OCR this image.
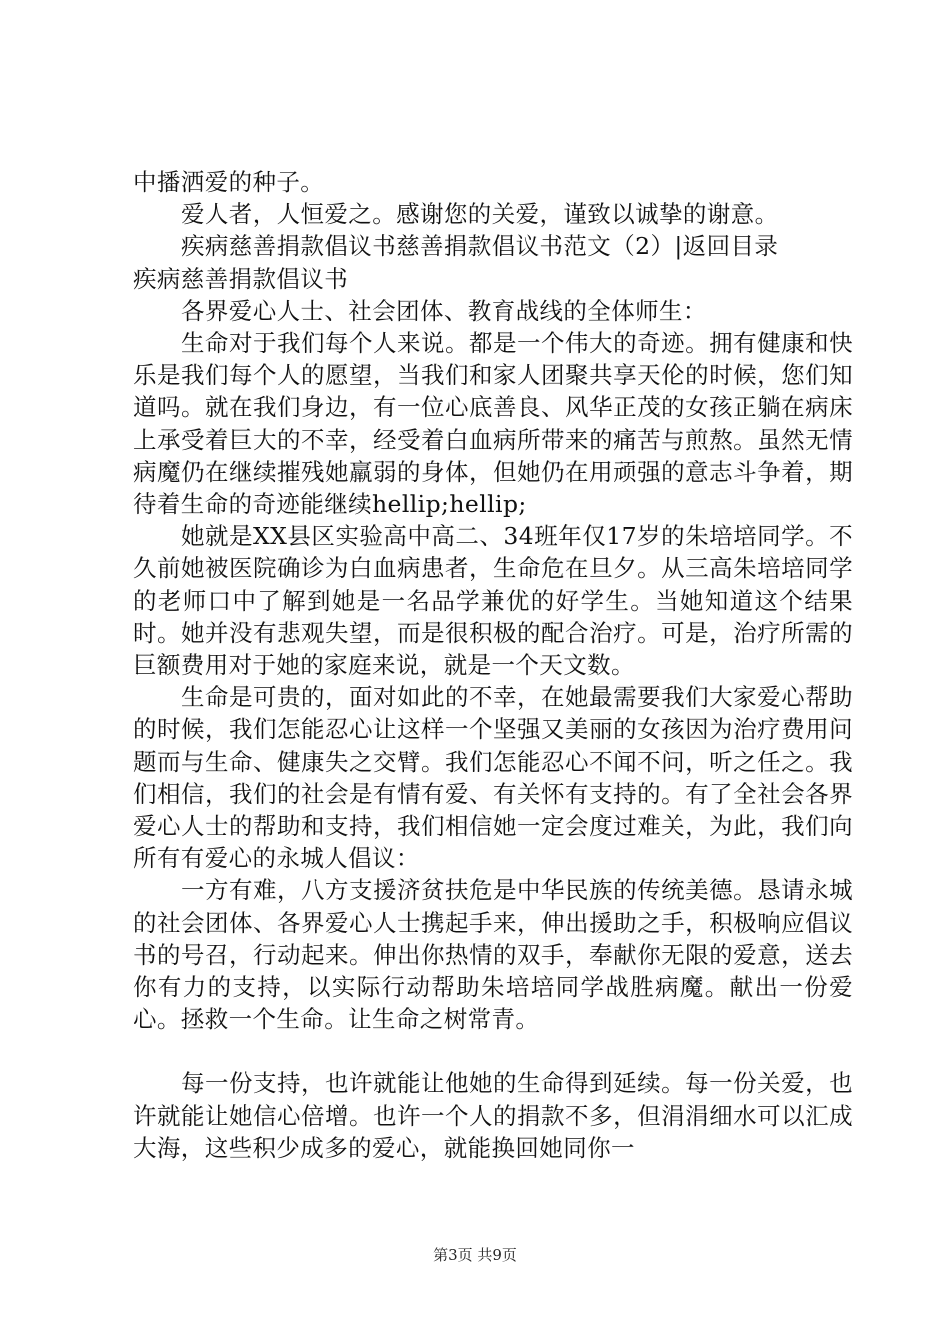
中播洒爱的种子。

爱人者，人恒爱之。感谢您的关爱，谨致以诚挚的谢意。

疾病慈善捐款倡议书慈善捐款倡议书范文（2）|返回目录

疾病慈善捐款倡议书

各界爱心人士、社会团体、教育战线的全体师生：

生命对于我们每个人来说。都是一个伟大的奇迹。拥有健康和快乐是我们每个人的愿望，当我们和家人团聚共享天伦的时候，您们知道吗。就在我们身边，有一位心底善良、风华正茂的女孩正躺在病床上承受着巨大的不幸，经受着白血病所带来的痛苦与煎熬。虽然无情病魔仍在继续摧残她羸弱的身体，但她仍在用顽强的意志斗争着，期待着生命的奇迹能继续hellip;hellip;

她就是XX县区实验高中高二、34班年仅17岁的朱培培同学。不久前她被医院确诊为白血病患者，生命危在旦夕。从三高朱培培同学的老师口中了解到她是一名品学兼优的好学生。当她知道这个结果时。她并没有悲观失望，而是很积极的配合治疗。可是，治疗所需的巨额费用对于她的家庭来说，就是一个天文数。

生命是可贵的，面对如此的不幸，在她最需要我们大家爱心帮助的时候，我们怎能忍心让这样一个坚强又美丽的女孩因为治疗费用问题而与生命、健康失之交臂。我们怎能忍心不闻不问，听之任之。我们相信，我们的社会是有情有爱、有关怀有支持的。有了全社会各界爱心人士的帮助和支持，我们相信她一定会度过难关，为此，我们向所有有爱心的永城人倡议：

一方有难，八方支援济贫扶危是中华民族的传统美德。恳请永城的社会团体、各界爱心人士携起手来，伸出援助之手，积极响应倡议书的号召，行动起来。伸出你热情的双手，奉献你无限的爱意，送去你有力的支持，以实际行动帮助朱培培同学战胜病魔。献出一份爱心。拯救一个生命。让生命之树常青。

每一份支持，也许就能让他她的生命得到延续。每一份关爱，也许就能让她信心倍增。也许一个人的捐款不多，但涓涓细水可以汇成大海，这些积少成多的爱心，就能换回她同你一

第3页 共9页
